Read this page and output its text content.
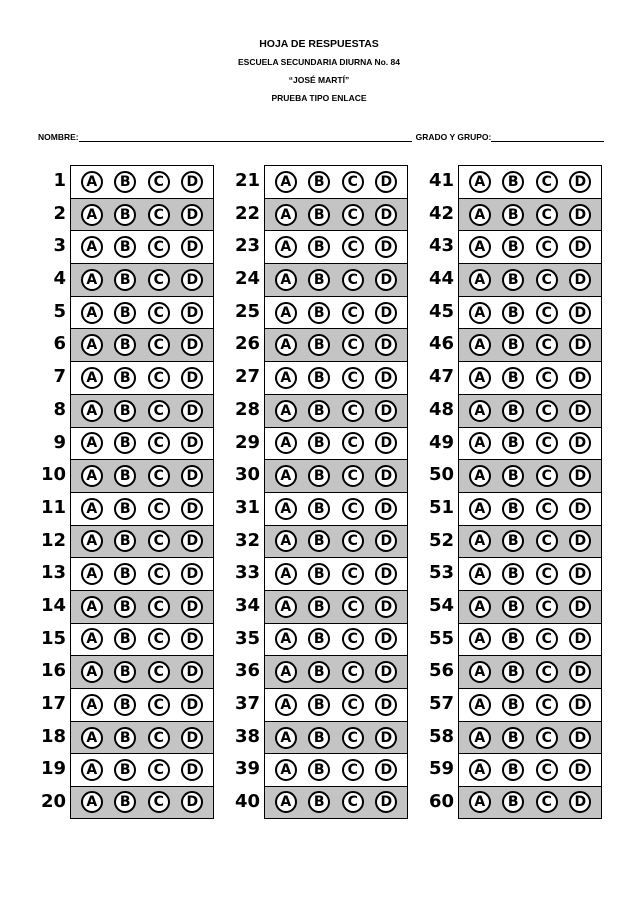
HOJA DE RESPUESTAS
ESCUELA SECUNDARIA DIURNA No. 84
“JOSÉ MARTÍ”
PRUEBA TIPO ENLACE
NOMBRE:	GRADO Y GRUPO:
1	A	B	C	D
2	A	B	C	D
3	A	B	C	D
4	A	B	C	D
5	A	B	C	D
6	A	B	C	D
7	A	B	C	D
8	A	B	C	D
9	A	B	C	D
10	A	B	C	D
11	A	B	C	D
12	A	B	C	D
13	A	B	C	D
14	A	B	C	D
15	A	B	C	D
16	A	B	C	D
17	A	B	C	D
18	A	B	C	D
19	A	B	C	D
20	A	B	C	D
21	A	B	C	D
22	A	B	C	D
23	A	B	C	D
24	A	B	C	D
25	A	B	C	D
26	A	B	C	D
27	A	B	C	D
28	A	B	C	D
29	A	B	C	D
30	A	B	C	D
31	A	B	C	D
32	A	B	C	D
33	A	B	C	D
34	A	B	C	D
35	A	B	C	D
36	A	B	C	D
37	A	B	C	D
38	A	B	C	D
39	A	B	C	D
40	A	B	C	D
41	A	B	C	D
42	A	B	C	D
43	A	B	C	D
44	A	B	C	D
45	A	B	C	D
46	A	B	C	D
47	A	B	C	D
48	A	B	C	D
49	A	B	C	D
50	A	B	C	D
51	A	B	C	D
52	A	B	C	D
53	A	B	C	D
54	A	B	C	D
55	A	B	C	D
56	A	B	C	D
57	A	B	C	D
58	A	B	C	D
59	A	B	C	D
60	A	B	C	D
